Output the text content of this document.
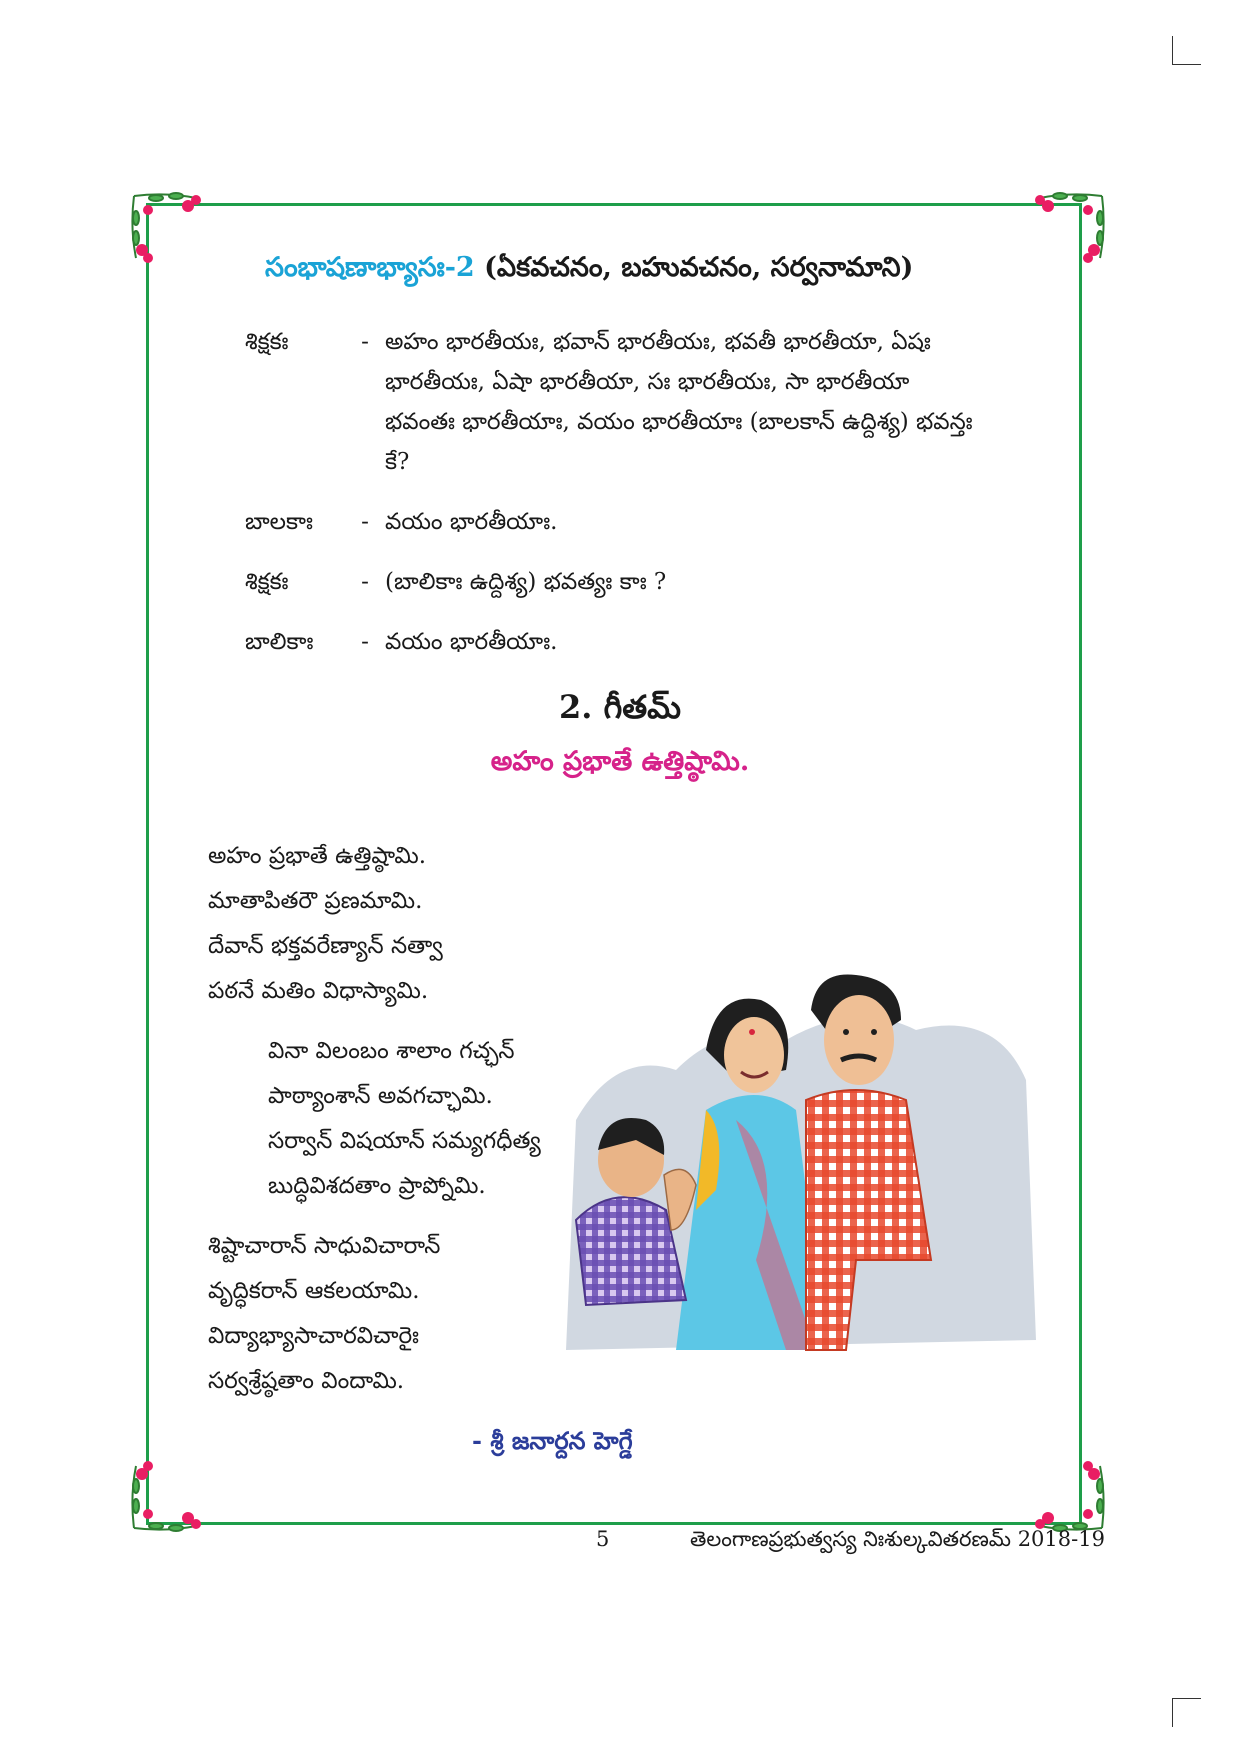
సంభాషణాభ్యాసః-2 (ఏకవచనం, బహువచనం, సర్వనామాని)
శిక్షకః	- అహం భారతీయః, భవాన్ భారతీయః, భవతీ భారతీయా, ఏషః భారతీయః, ఏషా భారతీయా, సః భారతీయః, సా భారతీయా భవంతః భారతీయాః, వయం భారతీయాః (బాలకాన్ ఉద్దిశ్య) భవన్తః కే?
బాలకాః	- వయం భారతీయాః.
శిక్షకః	- (బాలికాః ఉద్దిశ్య) భవత్యః కాః ?
బాలికాః	- వయం భారతీయాః.
2. గీతమ్
అహం ప్రభాతే ఉత్తిష్ఠామి.
అహం ప్రభాతే ఉత్తిష్ఠామి.
మాతాపితరౌ ప్రణమామి.
దేవాన్ భక్తవరేణ్యాన్ నత్వా
పఠనే మతిం విధాస్యామి.
వినా విలంబం శాలాం గచ్ఛన్
పాఠ్యాంశాన్ అవగచ్ఛామి.
సర్వాన్ విషయాన్ సమ్యగధీత్య
బుద్ధివిశదతాం ప్రాప్నోమి.
శిష్టాచారాన్ సాధువిచారాన్
వృద్ధికరాన్ ఆకలయామి.
విద్యాభ్యాసాచారవిచారైః
సర్వశ్రేష్ఠతాం విందామి.
- శ్రీ జనార్దన హెగ్డే
5	తెలంగాణప్రభుత్వస్య నిఃశుల్కవితరణమ్ 2018-19
